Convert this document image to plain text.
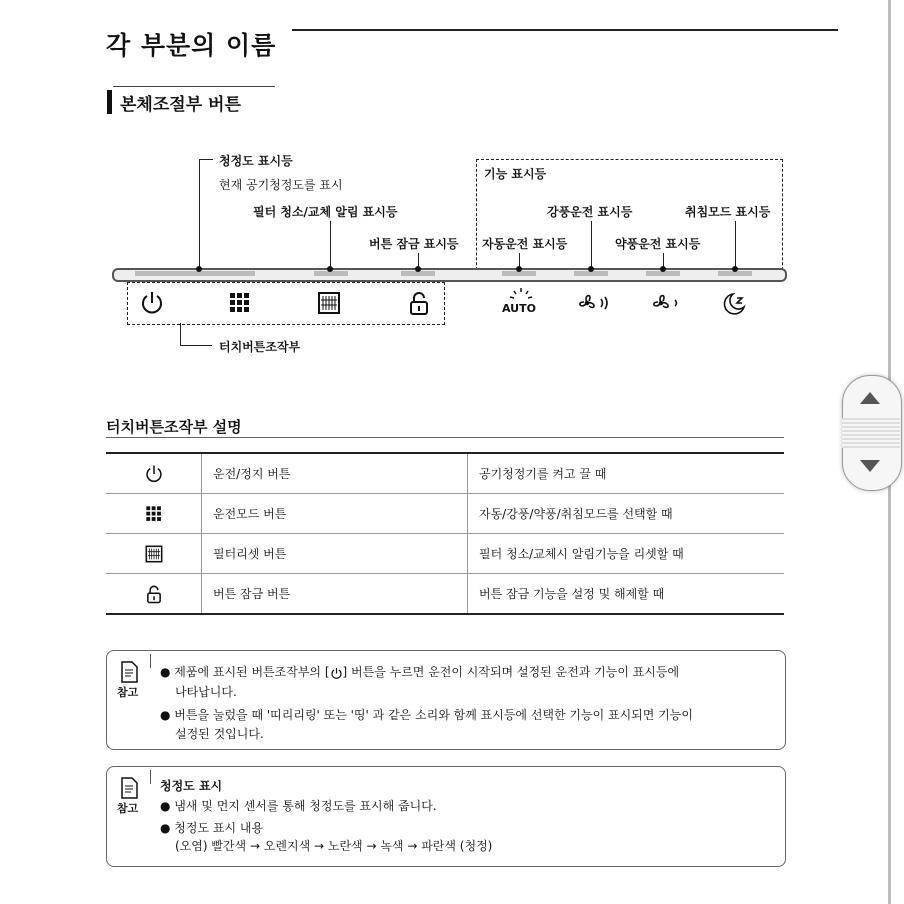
각 부분의 이름
본체조절부 버튼
청정도 표시등
현재 공기청정도를 표시
필터 청소/교체 알림 표시등
버튼 잠금 표시등
기능 표시등
강풍운전 표시등	취침모드 표시등
자동운전 표시등	약풍운전 표시등
AUTO
터치버튼조작부
터치버튼조작부 설명
	운전/정지 버튼	공기청정기를 켜고 끌 때
	운전모드 버튼	자동/강풍/약풍/취침모드를 선택할 때
	필터리셋 버튼	필터 청소/교체시 알림기능을 리셋할 때
	버튼 잠금 버튼	버튼 잠금 기능을 설정 및 해제할 때
참고
● 제품에 표시된 버튼조작부의 [ ] 버튼을 누르면 운전이 시작되며 설정된 운전과 기능이 표시등에
나타납니다.
● 버튼을 눌렀을 때 '띠리리링' 또는 '띵' 과 같은 소리와 함께 표시등에 선택한 기능이 표시되면 기능이
설정된 것입니다.
참고
청정도 표시
● 냄새 및 먼지 센서를 통해 청정도를 표시해 줍니다.
● 청정도 표시 내용
(오염) 빨간색 → 오렌지색 → 노란색 → 녹색 → 파란색 (청정)
